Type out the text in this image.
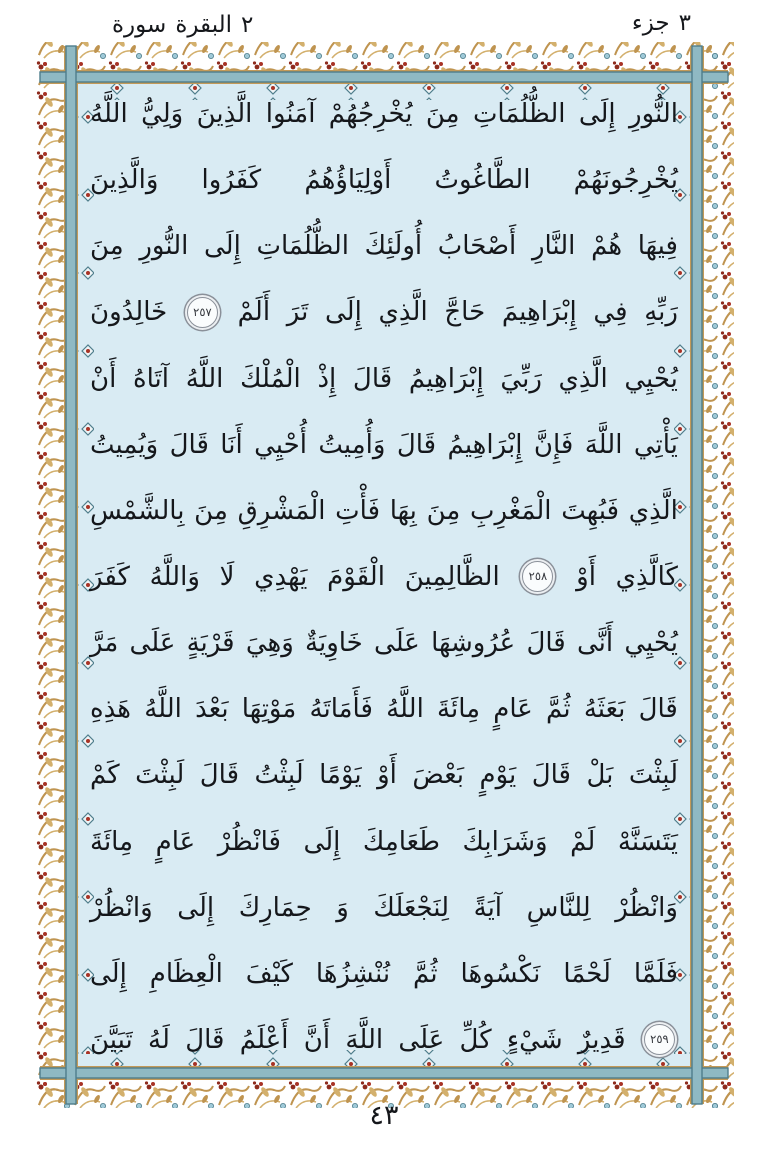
جزء ٣
سورة البقرة ٢
اللَّهُ وَلِيُّ الَّذِينَ آمَنُوا يُخْرِجُهُمْ مِنَ الظُّلُمَاتِ إِلَى النُّورِ
وَالَّذِينَ كَفَرُوا أَوْلِيَاؤُهُمُ الطَّاغُوتُ يُخْرِجُونَهُمْ
مِنَ النُّورِ إِلَى الظُّلُمَاتِ أُولَئِكَ أَصْحَابُ النَّارِ هُمْ فِيهَا
خَالِدُونَ	٢٥٧ أَلَمْ تَرَ إِلَى الَّذِي حَاجَّ إِبْرَاهِيمَ فِي رَبِّهِ
أَنْ آتَاهُ اللَّهُ الْمُلْكَ إِذْ قَالَ إِبْرَاهِيمُ رَبِّيَ الَّذِي يُحْيِي
وَيُمِيتُ قَالَ أَنَا أُحْيِي وَأُمِيتُ قَالَ إِبْرَاهِيمُ فَإِنَّ اللَّهَ يَأْتِي
بِالشَّمْسِ مِنَ الْمَشْرِقِ فَأْتِ بِهَا مِنَ الْمَغْرِبِ فَبُهِتَ الَّذِي
كَفَرَ وَاللَّهُ لَا يَهْدِي الْقَوْمَ الظَّالِمِينَ	٢٥٨ أَوْ كَالَّذِي
مَرَّ عَلَى قَرْيَةٍ وَهِيَ خَاوِيَةٌ عَلَى عُرُوشِهَا قَالَ أَنَّى يُحْيِي
هَذِهِ اللَّهُ بَعْدَ مَوْتِهَا فَأَمَاتَهُ اللَّهُ مِائَةَ عَامٍ ثُمَّ بَعَثَهُ قَالَ
كَمْ لَبِثْتَ قَالَ لَبِثْتُ يَوْمًا أَوْ بَعْضَ يَوْمٍ قَالَ بَلْ لَبِثْتَ
مِائَةَ عَامٍ فَانْظُرْ إِلَى طَعَامِكَ وَشَرَابِكَ لَمْ يَتَسَنَّهْ
وَانْظُرْ إِلَى حِمَارِكَ وَ لِنَجْعَلَكَ آيَةً لِلنَّاسِ وَانْظُرْ
إِلَى الْعِظَامِ كَيْفَ نُنْشِزُهَا ثُمَّ نَكْسُوهَا لَحْمًا فَلَمَّا
تَبَيَّنَ لَهُ قَالَ أَعْلَمُ أَنَّ اللَّهَ عَلَى كُلِّ شَيْءٍ قَدِيرٌ	٢٥٩
٤٣
